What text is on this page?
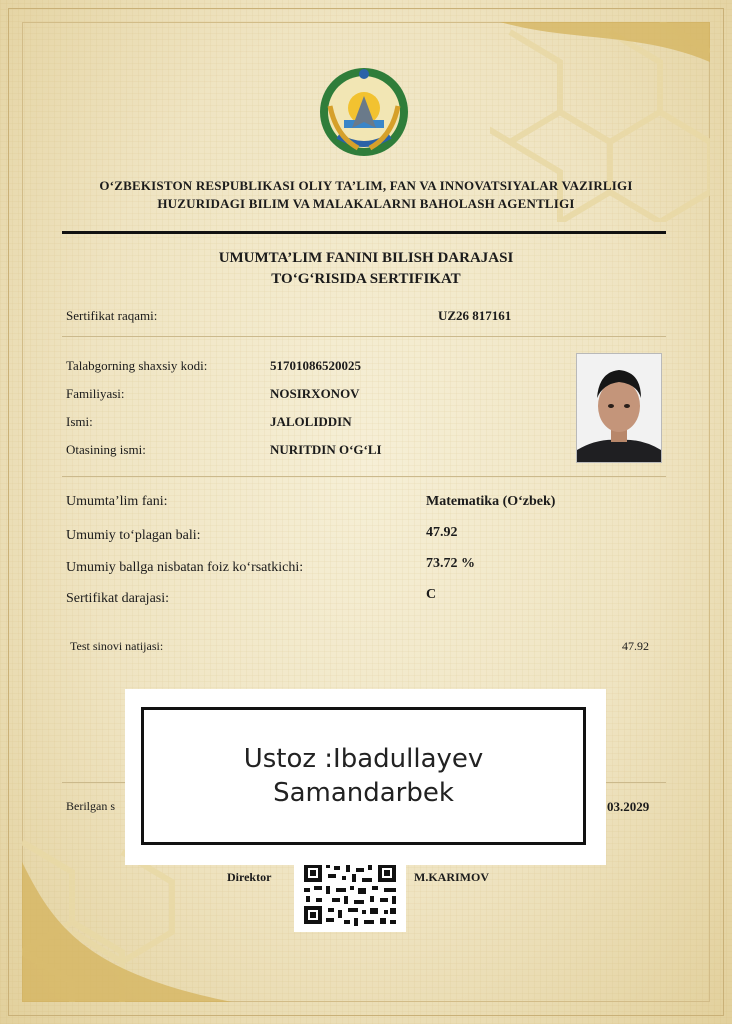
O‘ZBEKISTON RESPUBLIKASI OLIY TA’LIM, FAN VA INNOVATSIYALAR VAZIRLIGI
HUZURIDAGI BILIM VA MALAKALARNI BAHOLASH AGENTLIGI
UMUMTA’LIM FANINI BILISH DARAJASI
TO‘G‘RISIDA SERTIFIKAT
Sertifikat raqami:	UZ26 817161
Talabgorning shaxsiy kodi:	51701086520025
Familiyasi:	NOSIRXONOV
Ismi:	JALOLIDDIN
Otasining ismi:	NURITDIN O‘G‘LI
Umumta’lim fani:	Matematika (O‘zbek)
Umumiy to‘plagan bali:	47.92
Umumiy ballga nisbatan foiz ko‘rsatkichi:	73.72 %
Sertifikat darajasi:	C
Test sinovi natijasi:	47.92
Berilgan s	03.2029
Direktor	M.KARIMOV
Ustoz :Ibadullayev
Samandarbek
